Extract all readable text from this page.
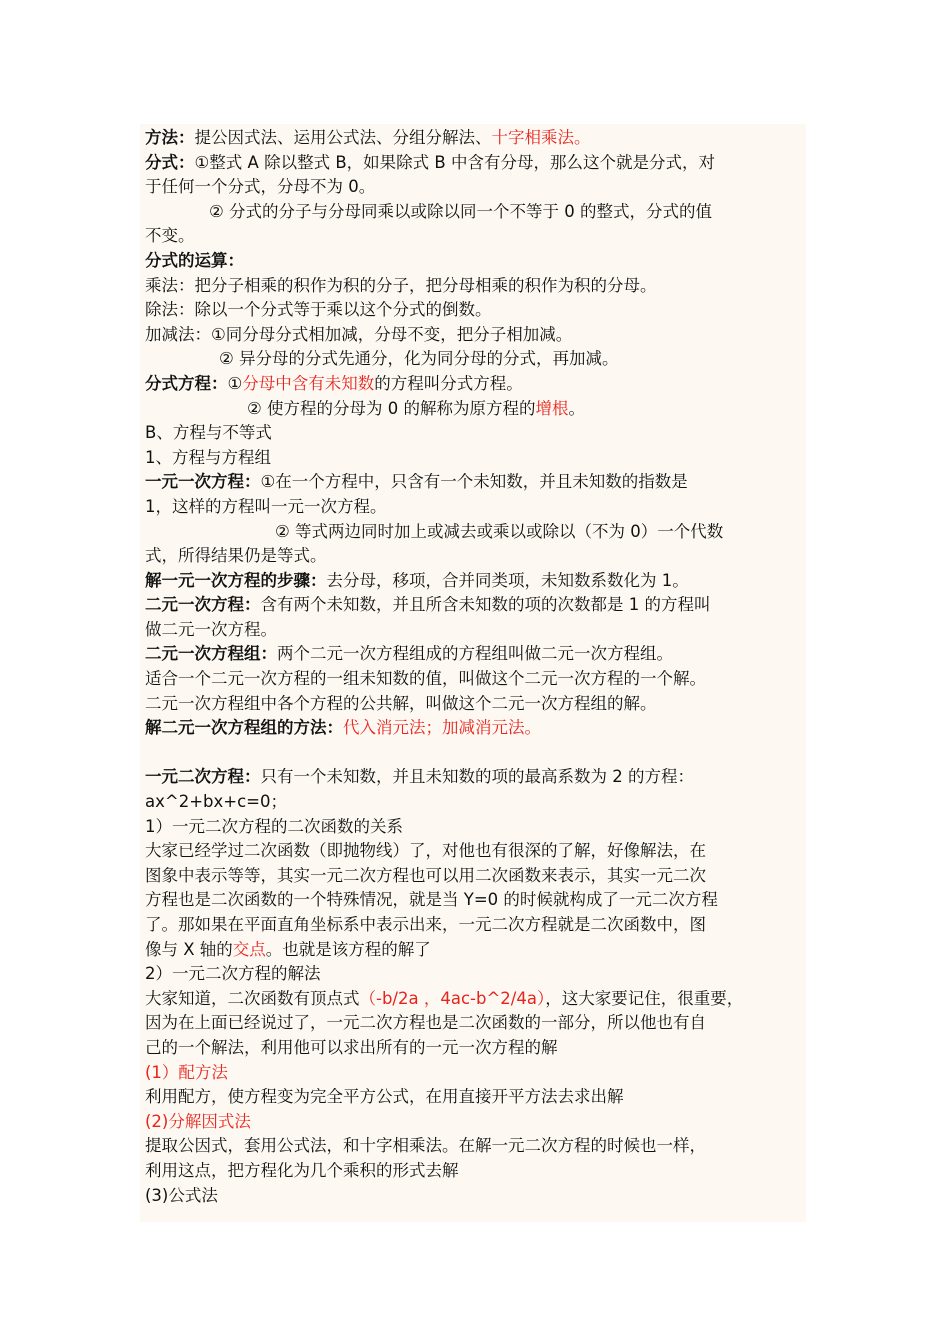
方法：提公因式法、运用公式法、分组分解法、十字相乘法。
分式：①整式 A 除以整式 B，如果除式 B 中含有分母，那么这个就是分式，对
于任何一个分式，分母不为 0。
② 分式的分子与分母同乘以或除以同一个不等于 0 的整式，分式的值
不变。
分式的运算：
乘法：把分子相乘的积作为积的分子，把分母相乘的积作为积的分母。
除法：除以一个分式等于乘以这个分式的倒数。
加减法：①同分母分式相加减，分母不变，把分子相加减。
② 异分母的分式先通分，化为同分母的分式，再加减。
分式方程：①分母中含有未知数的方程叫分式方程。
② 使方程的分母为 0 的解称为原方程的增根。
B、方程与不等式
1、方程与方程组
一元一次方程：①在一个方程中，只含有一个未知数，并且未知数的指数是
1，这样的方程叫一元一次方程。
② 等式两边同时加上或减去或乘以或除以（不为 0）一个代数
式，所得结果仍是等式。
解一元一次方程的步骤：去分母，移项，合并同类项，未知数系数化为 1。
二元一次方程：含有两个未知数，并且所含未知数的项的次数都是 1 的方程叫
做二元一次方程。
二元一次方程组：两个二元一次方程组成的方程组叫做二元一次方程组。
适合一个二元一次方程的一组未知数的值，叫做这个二元一次方程的一个解。
二元一次方程组中各个方程的公共解，叫做这个二元一次方程组的解。
解二元一次方程组的方法：代入消元法；加减消元法。
一元二次方程：只有一个未知数，并且未知数的项的最高系数为 2 的方程：
ax^2+bx+c=0；
1）一元二次方程的二次函数的关系
大家已经学过二次函数（即抛物线）了，对他也有很深的了解，好像解法，在
图象中表示等等，其实一元二次方程也可以用二次函数来表示，其实一元二次
方程也是二次函数的一个特殊情况，就是当 Y=0 的时候就构成了一元二次方程
了。那如果在平面直角坐标系中表示出来，一元二次方程就是二次函数中，图
像与 X 轴的交点。也就是该方程的解了
2）一元二次方程的解法
大家知道，二次函数有顶点式（-b/2a ，4ac-b^2/4a），这大家要记住，很重要，
因为在上面已经说过了，一元二次方程也是二次函数的一部分，所以他也有自
己的一个解法，利用他可以求出所有的一元一次方程的解
(1）配方法
利用配方，使方程变为完全平方公式，在用直接开平方法去求出解
(2)分解因式法
提取公因式，套用公式法，和十字相乘法。在解一元二次方程的时候也一样，
利用这点，把方程化为几个乘积的形式去解
(3)公式法
